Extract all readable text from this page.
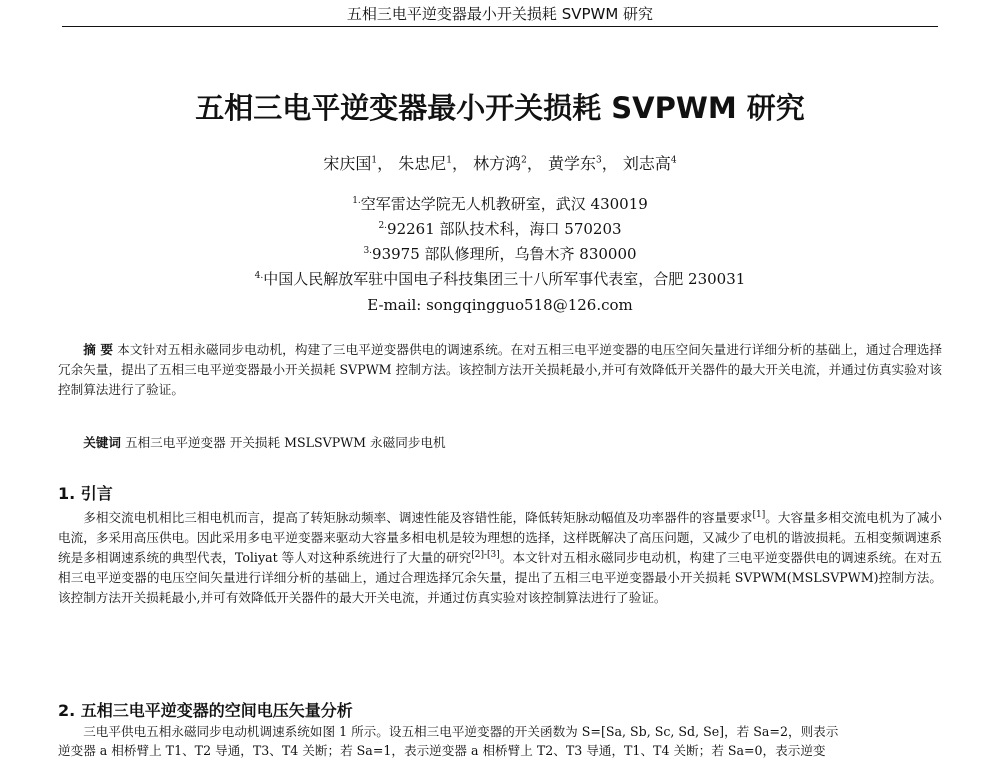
五相三电平逆变器最小开关损耗 SVPWM 研究
五相三电平逆变器最小开关损耗 SVPWM 研究
宋庆国$^1$， 朱忠尼$^1$， 林方鸿$^2$， 黄学东$^3$， 刘志高$^4$
$^{1.}$空军雷达学院无人机教研室，武汉 430019
$^{2.}$92261 部队技术科，海口 570203
$^{3.}$93975 部队修理所，乌鲁木齐 830000
$^{4.}$中国人民解放军驻中国电子科技集团三十八所军事代表室，合肥 230031
E-mail: songqingguo518@126.com
摘 要 本文针对五相永磁同步电动机，构建了三电平逆变器供电的调速系统。在对五相三电平逆变器的电压空间矢量进行详细分析的基础上，通过合理选择冗余矢量，提出了五相三电平逆变器最小开关损耗 SVPWM 控制方法。该控制方法开关损耗最小,并可有效降低开关器件的最大开关电流，并通过仿真实验对该控制算法进行了验证。
关键词 五相三电平逆变器 开关损耗 MSLSVPWM 永磁同步电机
1. 引言
多相交流电机相比三相电机而言，提高了转矩脉动频率、调速性能及容错性能，降低转矩脉动幅值及功率器件的容量要求[1]。大容量多相交流电机为了减小电流，多采用高压供电。因此采用多电平逆变器来驱动大容量多相电机是较为理想的选择，这样既解决了高压问题，又减少了电机的谐波损耗。五相变频调速系统是多相调速系统的典型代表，Toliyat 等人对这种系统进行了大量的研究[2]-[3]。本文针对五相永磁同步电动机，构建了三电平逆变器供电的调速系统。在对五相三电平逆变器的电压空间矢量进行详细分析的基础上，通过合理选择冗余矢量，提出了五相三电平逆变器最小开关损耗 SVPWM(MSLSVPWM)控制方法。该控制方法开关损耗最小,并可有效降低开关器件的最大开关电流，并通过仿真实验对该控制算法进行了验证。
2. 五相三电平逆变器的空间电压矢量分析
三电平供电五相永磁同步电动机调速系统如图 1 所示。设五相三电平逆变器的开关函数为 S=[Sa, Sb, Sc, Sd, Se]，若 Sa=2，则表示
逆变器 a 相桥臂上 T1、T2 导通，T3、T4 关断；若 Sa=1，表示逆变器 a 相桥臂上 T2、T3 导通，T1、T4 关断；若 Sa=0，表示逆变
